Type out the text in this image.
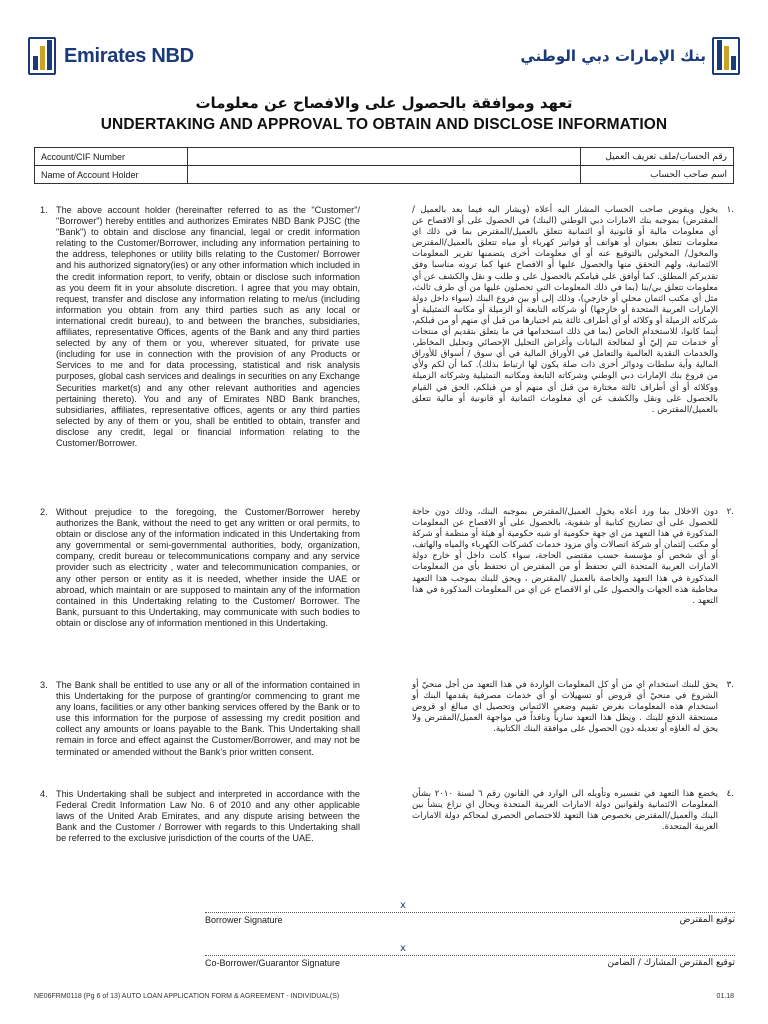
Emirates NBD	بنك الإمارات دبي الوطني
تعهد وموافقة بالحصول على والافصاح عن معلومات
UNDERTAKING AND APPROVAL TO OBTAIN AND DISCLOSE INFORMATION
Account/CIF Number		رقم الحساب/ملف تعريف العميل
Name of Account Holder		اسم صاحب الحساب
1. The above account holder (hereinafter referred to as the "Customer"/ "Borrower") hereby entitles and authorizes Emirates NBD Bank PJSC (the "Bank") to obtain and disclose any financial, legal or credit information relating to the Customer/Borrower, including any information pertaining to the address, telephones or utility bills relating to the Customer/ Borrower and his authorized signatory(ies) or any other information which included in the credit information report, to verify, obtain or disclose such information as you deem fit in your absolute discretion. I agree that you may obtain, request, transfer and disclose any information relating to me/us (including information you obtain from any third parties such as any local or international credit bureau), to and between the branches, subsidiaries, affiliates, representative Offices, agents of the Bank and any third parties selected by any of them or you, wherever situated, for private use (including for use in connection with the provision of any Products or Services to me and for data processing, statistical and risk analysis purposes, global cash services and dealings in securities on any Exchange Securities market(s) and any other relevant authorities and agencies pertaining thereto). You and any of Emirates NBD Bank branches, subsidiaries, affiliates, representative offices, agents or any third parties selected by any of them or you, shall be entitled to obtain, transfer and disclose any credit, legal or financial information relating to the Customer/Borrower.
.١
يخول ويفوض صاحب الحساب المشار اليه أعلاه (ويشار اليه فيما بعد بالعميل /المقترض) بموجبه بنك الامارات دبي الوطني (البنك) في الحصول على أو الافصاح عن أي معلومات مالية أو قانونية أو ائتمانية تتعلق بالعميل/المقترض بما في ذلك اي معلومات تتعلق بعنوان أو هواتف أو فواتير كهرباء أو مياه تتعلق بالعميل/المقترض والمخول/ المخولين بالتوقيع عنه أو أي معلومات أخرى يتضمنها تقرير المعلومات الائتمانية، ولهم التحقق منها والحصول عليها أو الافصاح عنها كما ترونه مناسبا وفق تقديركم المطلق. كما أوافق على قيامكم بالحصول على و طلب و نقل والكشف عن أي معلومات تتعلق بي/بنا (بما في ذلك المعلومات التي تحصلون عليها من أي طرف ثالث، مثل أي مكتب ائتمان محلي أو خارجي)، وذلك إلى أو بين فروع البنك (سواء داخل دولة الإمارات العربية المتحدة أو خارجها) أو شركاته التابعة أو الزميلة أو مكاتبه التمثيلية أو شركاته الزميلة أو وكلائه أو أي أطراف ثالثة يتم اختيارها من قبل أي منهم أو من قبلكم، أينما كانوا، للاستخدام الخاص (بما في ذلك استخدامها في ما يتعلق بتقديم أي منتجات أو خدمات تتم إليّ أو لمعالجة البيانات وأغراض التحليل الإحصائي وتحليل المخاطر، والخدمات النقدية العالمية والتعامل في الأوراق المالية في أي سوق / أسواق للأوراق المالية وأية سلطات ودوائر أخرى ذات صلة يكون لها ارتباط بذلك). كما أن لكم ولأي من فروع بنك الإمارات دبي الوطني وشركاته التابعة ومكاتبه التمثيلية وشركاته الزميلة ووكلائه أو أي أطراف ثالثة مختارة من قبل أي منهم أو من قبلكم، الحق في القيام بالحصول على ونقل والكشف عن أي معلومات ائتمانية أو قانونية أو مالية تتعلق بالعميل/المقترض .
2. Without prejudice to the foregoing, the Customer/Borrower hereby authorizes the Bank, without the need to get any written or oral permits, to obtain or disclose any of the information indicated in this Undertaking from any governmental or semi-governmental authorities, body, organization, company, credit bureau or telecommunications company and any service provider such as electricity , water and telecommunication companies, or any other person or entity as it is needed, whether inside the UAE or abroad, which maintain or are supposed to maintain any of the information contained in this Undertaking relating to the Customer/ Borrower. The Bank, pursuant to this Undertaking, may communicate with such bodies to obtain or disclose any of information mentioned in this Undertaking.
.٢
دون الاخلال بما ورد أعلاه يخول العميل/المقترض بموجبه البنك، وذلك دون حاجة للحصول على أي تصاريح كتابية أو شفوية، بالحصول على أو الافصاح عن المعلومات المذكورة في هذا التعهد من اي جهة حكومية او شبه حكومية أو هيئة أو منظمة أو شركة أو مكتب إئتمان أو شركة اتصالات وأي مزود خدمات كشركات الكهرباء والمياه والهاتف، أو أي شخص أو مؤسسة حسب مقتضى الحاجة، سواء كانت داخل أو خارج دولة الامارات العربية المتحدة التي تحتفظ أو من المفترض ان تحتفظ بأي من المعلومات المذكورة في هذا التعهد والخاصة بالعميل /المقترض ، ويحق للبنك بموجب هذا التعهد مخاطبة هذه الجهات والحصول على او الافصاح عن اي من المعلومات المذكورة في هذا التعهد .
3. The Bank shall be entitled to use any or all of the information contained in this Undertaking for the purpose of granting/or commencing to grant me any loans, facilities or any other banking services offered by the Bank or to use this information for the purpose of assessing my credit position and collect any amounts or loans payable to the Bank. This Undertaking shall remain in force and effect against the Customer/Borrower, and may not be terminated or amended without the Bank's prior written consent.
.٣
يحق للبنك استخدام اي من أو كل المعلومات الواردة في هذا التعهد من أجل منحيّ أو الشروع في منحيّ أي قروض أو تسهيلات أو أي خدمات مصرفية يقدمها البنك أو استخدام هذه المعلومات بغرض تقييم وضعي الائتماني وتحصيل اي مبالغ او قروض مستحقة الدفع للبنك . ويظل هذا التعهد سارياً ونافذاً في مواجهة العميل/المقترض ولا يحق له الغاؤه أو تعديله دون الحصول على موافقة البنك الكتابية.
4. This Undertaking shall be subject and interpreted in accordance with the Federal Credit Information Law No. 6 of 2010 and any other applicable laws of the United Arab Emirates, and any dispute arising between the Bank and the Customer / Borrower with regards to this Undertaking shall be referred to the exclusive jurisdiction of the courts of the UAE.
.٤
يخضع هذا التعهد في تفسيره وتأويله الى الوارد في القانون رقم ٦ لسنة ٢٠١٠ بشأن المعلومات الائتمانية ولقوانين دولة الامارات العربية المتحدة ويحال اي نزاع ينشأ بين البنك والعميل/المقترض بخصوص هذا التعهد للاختصاص الحصري لمحاكم دولة الامارات العربية المتحدة.
x
Borrower Signature	توقيع المقترض
x
Co-Borrower/Guarantor Signature	توقيع المقترض المشارك / الضامن
NE06FRM0118 (Pg 6 of 13) AUTO LOAN APPLICATION FORM & AGREEMENT - INDIVIDUAL(S)	01.18
